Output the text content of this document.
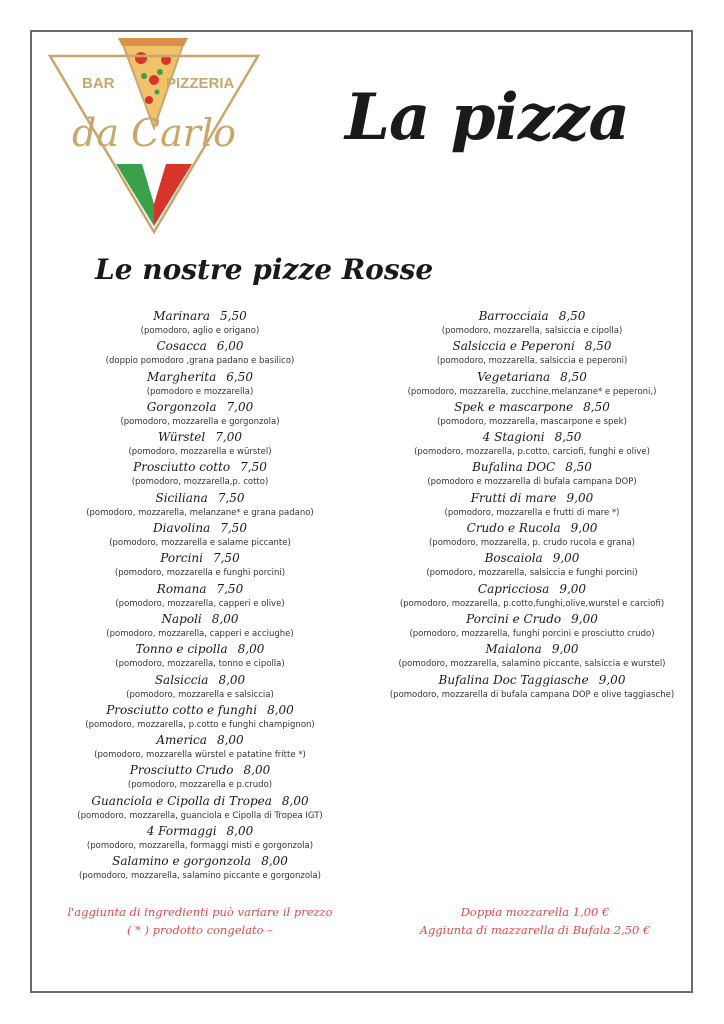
BAR	PIZZERIA
da Carlo La pizza
Le nostre pizze Rosse
Marinara 5,50
(pomodoro, aglio e origano)
Cosacca 6,00
(doppio pomodoro ,grana padano e basilico)
Margherita 6,50
(pomodoro e mozzarella)
Gorgonzola 7,00
(pomodoro, mozzarella e gorgonzola)
Würstel 7,00
(pomodoro, mozzarella e würstel)
Prosciutto cotto 7,50
(pomodoro, mozzarella,p. cotto)
Siciliana 7,50
(pomodoro, mozzarella, melanzane* e grana padano)
Diavolina 7,50
(pomodoro, mozzarella e salame piccante)
Porcini 7,50
(pomodoro, mozzarella e funghi porcini)
Romana 7,50
(pomodoro, mozzarella, capperi e olive)
Napoli 8,00
(pomodoro, mozzarella, capperi e acciughe)
Tonno e cipolla 8,00
(pomodoro, mozzarella, tonno e cipolla)
Salsiccia 8,00
(pomodoro, mozzarella e salsiccia)
Prosciutto cotto e funghi 8,00
(pomodoro, mozzarella, p.cotto e funghi champignon)
America 8,00
(pomodoro, mozzarella würstel e patatine fritte *)
Prosciutto Crudo 8,00
(pomodoro, mozzarella e p.crudo)
Guanciola e Cipolla di Tropea 8,00
(pomodoro, mozzarella, guanciola e Cipolla di Tropea IGT)
4 Formaggi 8,00
(pomodoro, mozzarella, formaggi misti e gorgonzola)
Salamino e gorgonzola 8,00
(pomodoro, mozzarella, salamino piccante e gorgonzola)
Barrocciaia 8,50
(pomodoro, mozzarella, salsiccia e cipolla)
Salsiccia e Peperoni 8,50
(pomodoro, mozzarella, salsiccia e peperoni)
Vegetariana 8,50
(pomodoro, mozzarella, zucchine,melanzane* e peperoni,)
Spek e mascarpone 8,50
(pomodoro, mozzarella, mascarpone e spek)
4 Stagioni 8,50
(pomodoro, mozzarella, p.cotto, carciofi, funghi e olive)
Bufalina DOC 8,50
(pomodoro e mozzarella di bufala campana DOP)
Frutti di mare 9,00
(pomodoro, mozzarella e frutti di mare *)
Crudo e Rucola 9,00
(pomodoro, mozzarella, p. crudo rucola e grana)
Boscaiola 9,00
(pomodoro, mozzarella, salsiccia e funghi porcini)
Capricciosa 9,00
(pomodoro, mozzarella, p.cotto,funghi,olive,wurstel e carciofi)
Porcini e Crudo 9,00
(pomodoro, mozzarella, funghi porcini e prosciutto crudo)
Maialona 9,00
(pomodoro, mozzarella, salamino piccante, salsiccia e wurstel)
Bufalina Doc Taggiasche 9,00
(pomodoro, mozzarella di bufala campana DOP e olive taggiasche)
l'aggiunta di ingredienti può variare il prezzo
( * ) prodotto congelato –
Doppia mozzarella 1,00 €
Aggiunta di mazzarella di Bufala 2,50 €
